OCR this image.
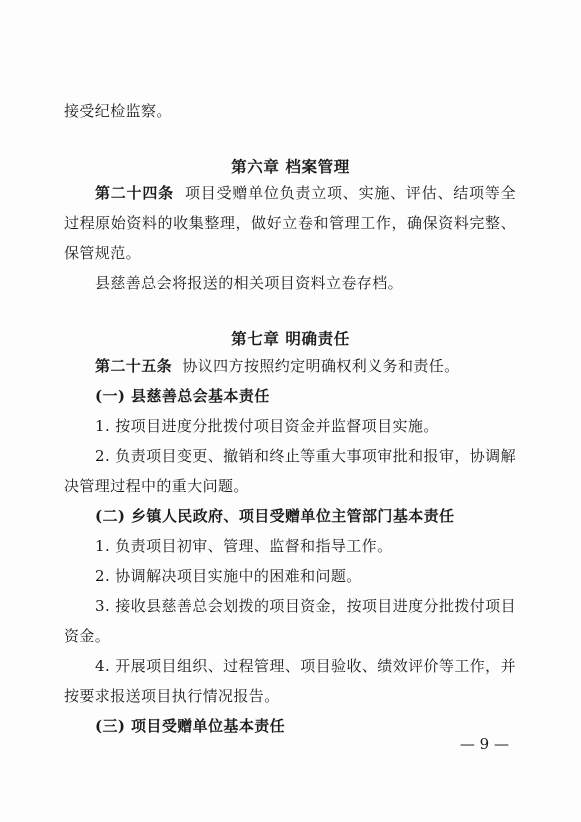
接受纪检监察。
第六章 档案管理
第二十四条 项目受赠单位负责立项、实施、评估、结项等全
过程原始资料的收集整理，做好立卷和管理工作，确保资料完整、
保管规范。
县慈善总会将报送的相关项目资料立卷存档。
第七章 明确责任
第二十五条 协议四方按照约定明确权利义务和责任。
(一) 县慈善总会基本责任
1. 按项目进度分批拨付项目资金并监督项目实施。
2. 负责项目变更、撤销和终止等重大事项审批和报审，协调解
决管理过程中的重大问题。
(二) 乡镇人民政府、项目受赠单位主管部门基本责任
1. 负责项目初审、管理、监督和指导工作。
2. 协调解决项目实施中的困难和问题。
3. 接收县慈善总会划拨的项目资金，按项目进度分批拨付项目
资金。
4. 开展项目组织、过程管理、项目验收、绩效评价等工作，并
按要求报送项目执行情况报告。
(三) 项目受赠单位基本责任
— 9 —
